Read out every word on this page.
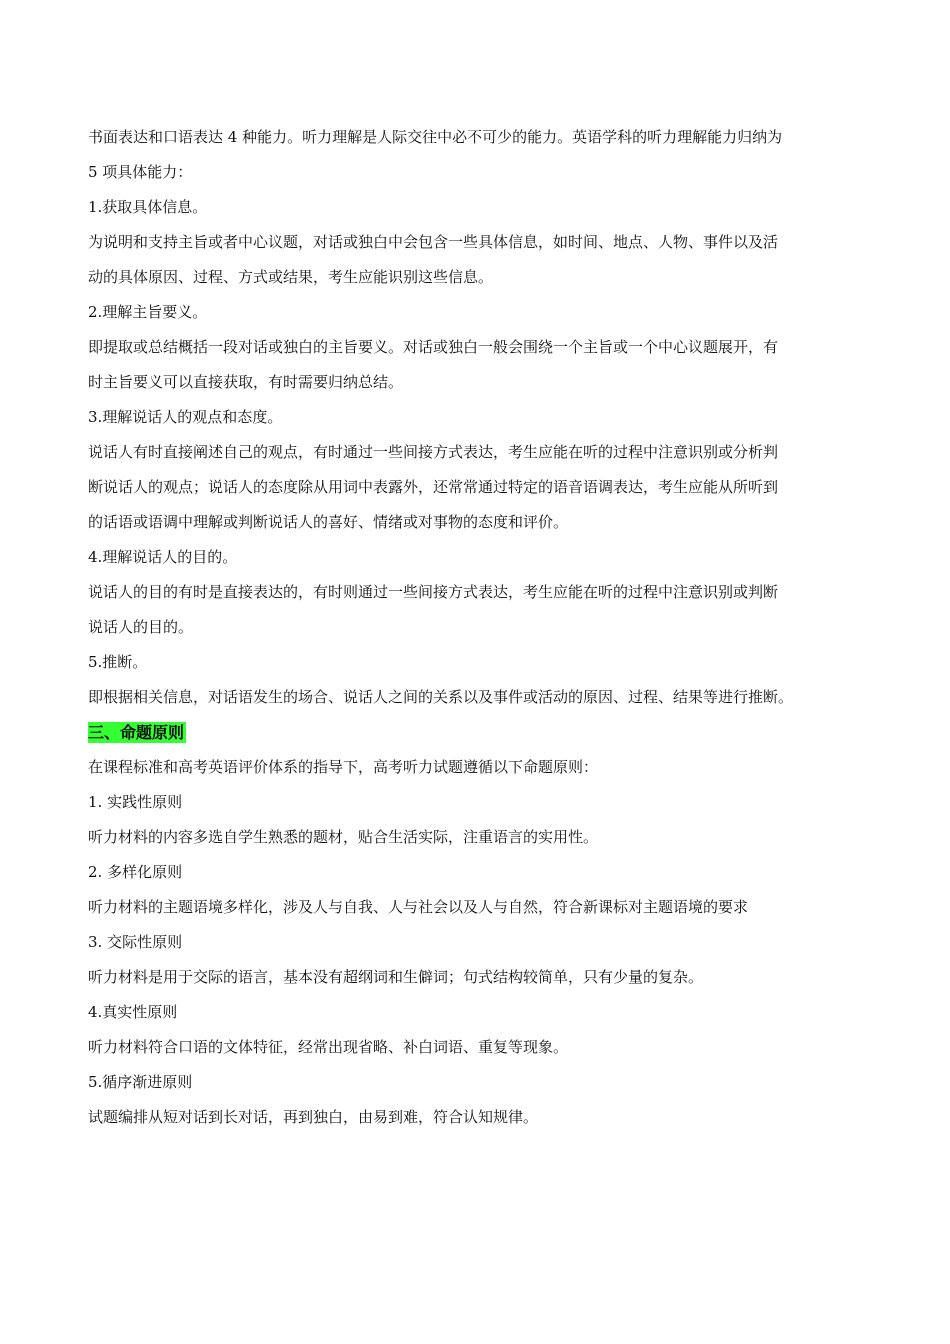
书面表达和口语表达 4 种能力。听力理解是人际交往中必不可少的能力。英语学科的听力理解能力归纳为
5 项具体能力：
1.获取具体信息。
为说明和支持主旨或者中心议题，对话或独白中会包含一些具体信息，如时间、地点、人物、事件以及活
动的具体原因、过程、方式或结果，考生应能识别这些信息。
2.理解主旨要义。
即提取或总结概括一段对话或独白的主旨要义。对话或独白一般会围绕一个主旨或一个中心议题展开，有
时主旨要义可以直接获取，有时需要归纳总结。
3.理解说话人的观点和态度。
说话人有时直接阐述自己的观点，有时通过一些间接方式表达，考生应能在听的过程中注意识别或分析判
断说话人的观点；说话人的态度除从用词中表露外，还常常通过特定的语音语调表达，考生应能从所听到
的话语或语调中理解或判断说话人的喜好、情绪或对事物的态度和评价。
4.理解说话人的目的。
说话人的目的有时是直接表达的，有时则通过一些间接方式表达，考生应能在听的过程中注意识别或判断
说话人的目的。
5.推断。
即根据相关信息，对话语发生的场合、说话人之间的关系以及事件或活动的原因、过程、结果等进行推断。
三、命题原则
在课程标准和高考英语评价体系的指导下，高考听力试题遵循以下命题原则：
1. 实践性原则
听力材料的内容多选自学生熟悉的题材，贴合生活实际，注重语言的实用性。
2. 多样化原则
听力材料的主题语境多样化，涉及人与自我、人与社会以及人与自然，符合新课标对主题语境的要求
3. 交际性原则
听力材料是用于交际的语言，基本没有超纲词和生僻词；句式结构较简单，只有少量的复杂。
4.真实性原则
听力材料符合口语的文体特征，经常出现省略、补白词语、重复等现象。
5.循序渐进原则
试题编排从短对话到长对话，再到独白，由易到难，符合认知规律。
